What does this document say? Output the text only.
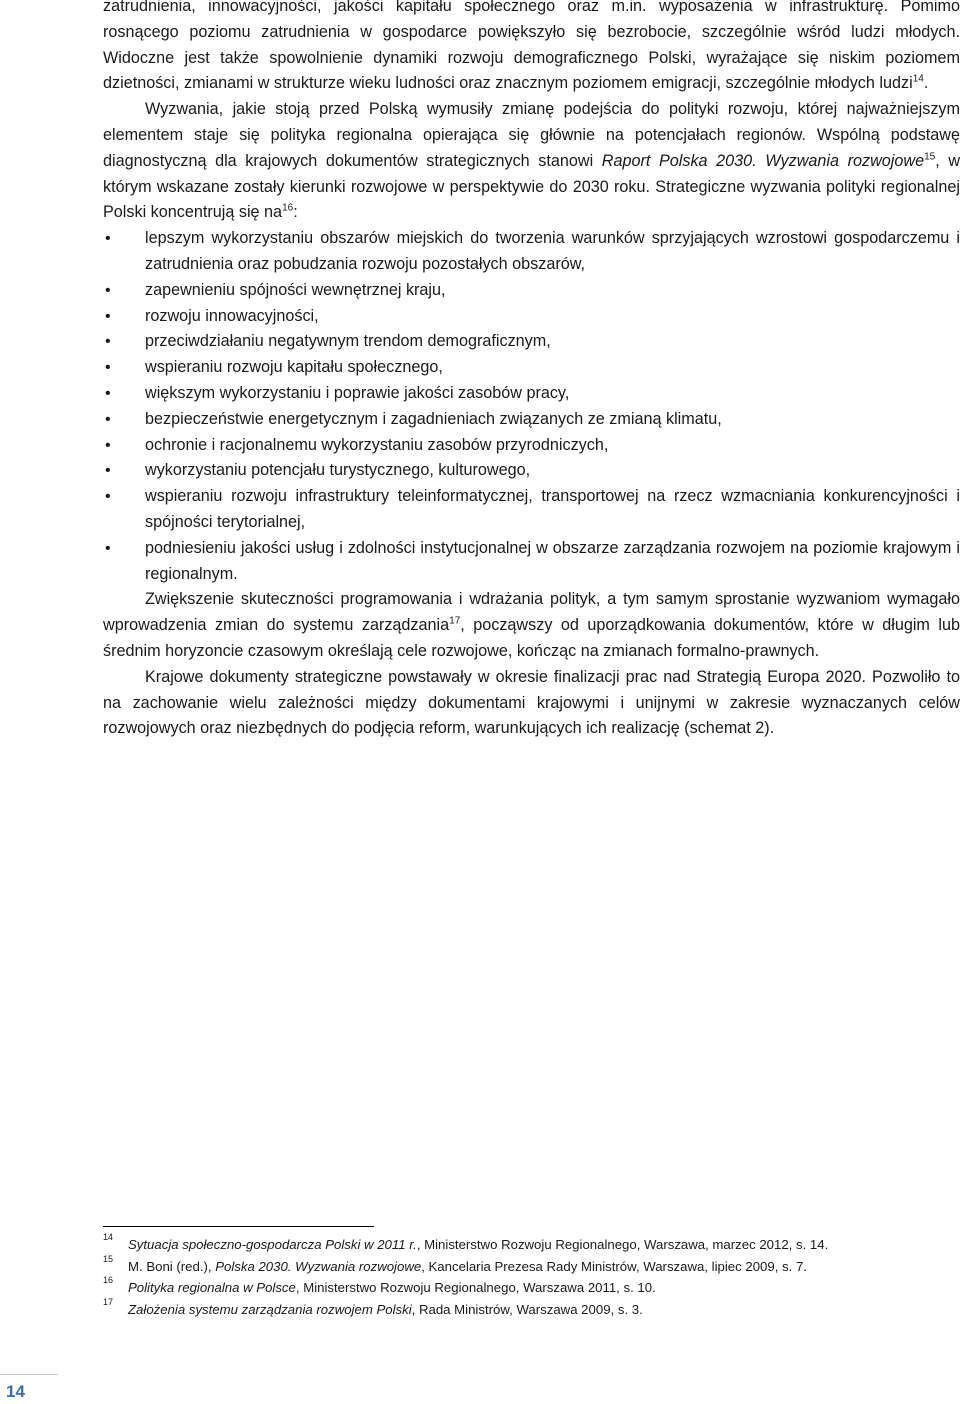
zatrudnienia, innowacyjności, jakości kapitału społecznego oraz m.in. wyposażenia w infrastrukturę. Pomimo rosnącego poziomu zatrudnienia w gospodarce powiększyło się bezrobocie, szczególnie wśród ludzi młodych. Widoczne jest także spowolnienie dynamiki rozwoju demograficznego Polski, wyrażające się niskim poziomem dzietności, zmianami w strukturze wieku ludności oraz znacznym poziomem emigracji, szczególnie młodych ludzi$^{14}$.

Wyzwania, jakie stoją przed Polską wymusiły zmianę podejścia do polityki rozwoju, której najważniejszym elementem staje się polityka regionalna opierająca się głównie na potencjałach regionów. Wspólną podstawę diagnostyczną dla krajowych dokumentów strategicznych stanowi Raport Polska 2030. Wyzwania rozwojowe$^{15}$, w którym wskazane zostały kierunki rozwojowe w perspektywie do 2030 roku. Strategiczne wyzwania polityki regionalnej Polski koncentrują się $na^{16}$:

• lepszym wykorzystaniu obszarów miejskich do tworzenia warunków sprzyjających wzrostowi gospodarczemu i zatrudnienia oraz pobudzania rozwoju pozostałych obszarów,
• zapewnieniu spójności wewnętrznej kraju,
• rozwoju innowacyjności,
• przeciwdziałaniu negatywnym trendom demograficznym,
• wspieraniu rozwoju kapitału społecznego,
• większym wykorzystaniu i poprawie jakości zasobów pracy,
• bezpieczeństwie energetycznym i zagadnieniach związanych ze zmianą klimatu,
• ochronie i racjonalnemu wykorzystaniu zasobów przyrodniczych,
• wykorzystaniu potencjału turystycznego, kulturowego,
• wspieraniu rozwoju infrastruktury teleinformatycznej, transportowej na rzecz wzmacniania konkurencyjności i spójności terytorialnej,
• podniesieniu jakości usług i zdolności instytucjonalnej w obszarze zarządzania rozwojem na poziomie krajowym i regionalnym.

Zwiększenie skuteczności programowania i wdrażania polityk, a tym samym sprostanie wyzwaniom wymagało wprowadzenia zmian do systemu zarządzania$^{17}$, począwszy od uporządkowania dokumentów, które w długim lub średnim horyzoncie czasowym określają cele rozwojowe, kończąc na zmianach formalno-prawnych.

Krajowe dokumenty strategiczne powstawały w okresie finalizacji prac nad Strategią Europa 2020. Pozwoliło to na zachowanie wielu zależności między dokumentami krajowymi i unijnymi w zakresie wyznaczanych celów rozwojowych oraz niezbędnych do podjęcia reform, warunkujących ich realizację (schemat 2).

14 Sytuacja społeczno-gospodarcza Polski w 2011 r., Ministerstwo Rozwoju Regionalnego, Warszawa, marzec 2012, s. 14.
15 M. Boni (red.), Polska 2030. Wyzwania rozwojowe, Kancelaria Prezesa Rady Ministrów, Warszawa, lipiec 2009, s. 7.
16 Polityka regionalna w Polsce, Ministerstwo Rozwoju Regionalnego, Warszawa 2011, s. 10.
17 Założenia systemu zarządzania rozwojem Polski, Rada Ministrów, Warszawa 2009, s. 3.
14
